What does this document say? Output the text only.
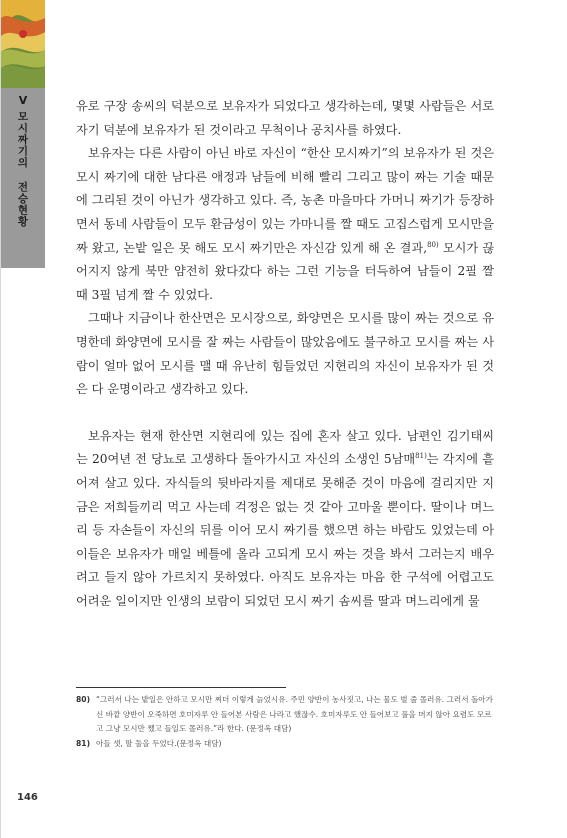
V
모시짜기의 전승현황

유로 구장 송씨의 덕분으로 보유자가 되었다고 생각하는데, 몇몇 사람들은 서로 자기 덕분에 보유자가 된 것이라고 무척이나 공치사를 하였다.

보유자는 다른 사람이 아닌 바로 자신이 “한산 모시짜기”의 보유자가 된 것은 모시 짜기에 대한 남다른 애정과 남들에 비해 빨리 그리고 많이 짜는 기술 때문에 그리된 것이 아닌가 생각하고 있다. 즉, 농촌 마을마다 가머니 짜기가 등장하면서 동네 사람들이 모두 환금성이 있는 가마니를 짤 때도 고집스럽게 모시만을 짜 왔고, 논밭 일은 못 해도 모시 짜기만은 자신감 있게 해 온 결과,$^{80)}$ 모시가 끊어지지 않게 북만 얌전히 왔다갔다 하는 그런 기능을 터득하여 남들이 2필 짤 때 3필 넘게 짤 수 있었다.

그때나 지금이나 한산면은 모시장으로, 화양면은 모시를 많이 짜는 것으로 유명한데 화양면에 모시를 잘 짜는 사람들이 많았음에도 불구하고 모시를 짜는 사람이 얼마 없어 모시를 맬 때 유난히 힘들었던 지현리의 자신이 보유자가 된 것은 다 운명이라고 생각하고 있다.

보유자는 현재 한산면 지현리에 있는 집에 혼자 살고 있다. 남편인 김기태씨는 20여년 전 당뇨로 고생하다 돌아가시고 자신의 소생인 5남매$^{81)}$는 각지에 흩어져 살고 있다. 자식들의 뒷바라지를 제대로 못해준 것이 마음에 걸리지만 지금은 저희들끼리 먹고 사는데 걱정은 없는 것 같아 고마울 뿐이다. 딸이나 며느리 등 자손들이 자신의 뒤를 이어 모시 짜기를 했으면 하는 바람도 있었는데 아이들은 보유자가 매일 베틀에 올라 고되게 모시 짜는 것을 봐서 그러는지 배우려고 들지 않아 가르치지 못하였다. 아직도 보유자는 마음 한 구석에 어렵고도 어려운 일이지만 인생의 보람이 되었던 모시 짜기 솜씨를 딸과 며느리에게 물

80) “그러서 나는 밭일은 안하고 모시만 찌더 이렇게 늙었시유. 주민 양반이 농사짓고, 나는 물도 벌 줄 몰러유. 그러서 돌아가신 바깥 양반이 오죽하면 호미자루 안 들어본 사람은 나라고 했잖수. 호미자루도 안 들어보고 풀을 머지 않아 요렴도 모르고 그냥 모시만 쨌고 들일도 몰러유.”라 한다. (문정옥 대담)
81) 아들 셋, 딸 둘을 두었다.(문정옥 대담)
146
